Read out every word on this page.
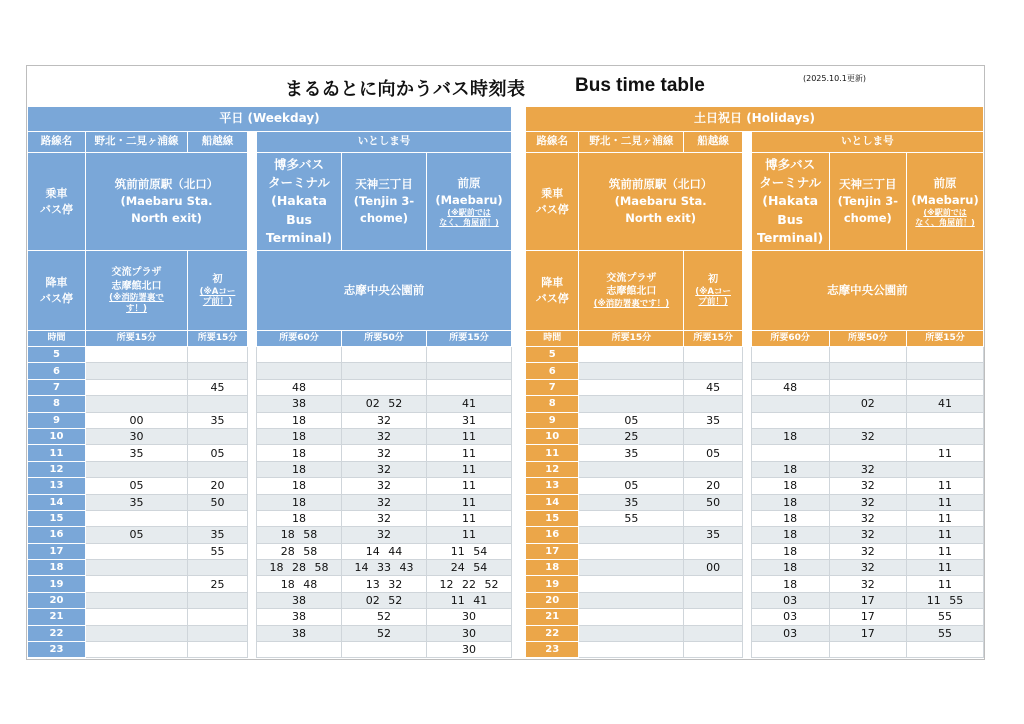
まるゐとに向かうバス時刻表	Bus time table	(2025.10.1更新)
平日 (Weekday)						
路線名	野北・二見ヶ浦線	船越線		いとしま号		
乗車
バス停	筑前前原駅（北口）
(Maebaru Sta.
North exit)			博多バス
ターミナル
(Hakata
Bus
Terminal)	天神三丁目
(Tenjin 3-
chome)	前原
(Maebaru)
(※駅前では
なく、角屋前！)

降車
バス停	交流プラザ
志摩館北口
(※消防署裏で
す！)	初
(※Aコー
プ前！)		志摩中央公園前		
時間	所要15分	所要15分		所要60分	所要50分	所要15分
5						
6						
7		45		48		
8				38	02 52	41
9	00	35		18	32	31
10	30			18	32	11
11	35	05		18	32	11
12				18	32	11
13	05	20		18	32	11
14	35	50		18	32	11
15				18	32	11
16	05	35		18 58	32	11
17		55		28 58	14 44	11 54
18				18 28 58	14 33 43	24 54
19		25		18 48	13 32	12 22 52
20				38	02 52	11 41
21				38	52	30
22				38	52	30
23						30
土日祝日 (Holidays)						
路線名	野北・二見ヶ浦線	船越線		いとしま号		
乗車
バス停	筑前前原駅（北口）
(Maebaru Sta.
North exit)			博多バス
ターミナル
(Hakata
Bus
Terminal)	天神三丁目
(Tenjin 3-
chome)	前原
(Maebaru)
(※駅前では
なく、角屋前！)

降車
バス停	交流プラザ
志摩館北口
(※消防署裏です！)	初
(※Aコー
プ前！)		志摩中央公園前		
時間	所要15分	所要15分		所要60分	所要50分	所要15分
5						
6						
7		45		48		
8					02	41
9	05	35				
10	25			18	32	
11	35	05				11
12				18	32	
13	05	20		18	32	11
14	35	50		18	32	11
15	55			18	32	11
16		35		18	32	11
17				18	32	11
18		00		18	32	11
19				18	32	11
20				03	17	11 55
21				03	17	55
22				03	17	55
23						
